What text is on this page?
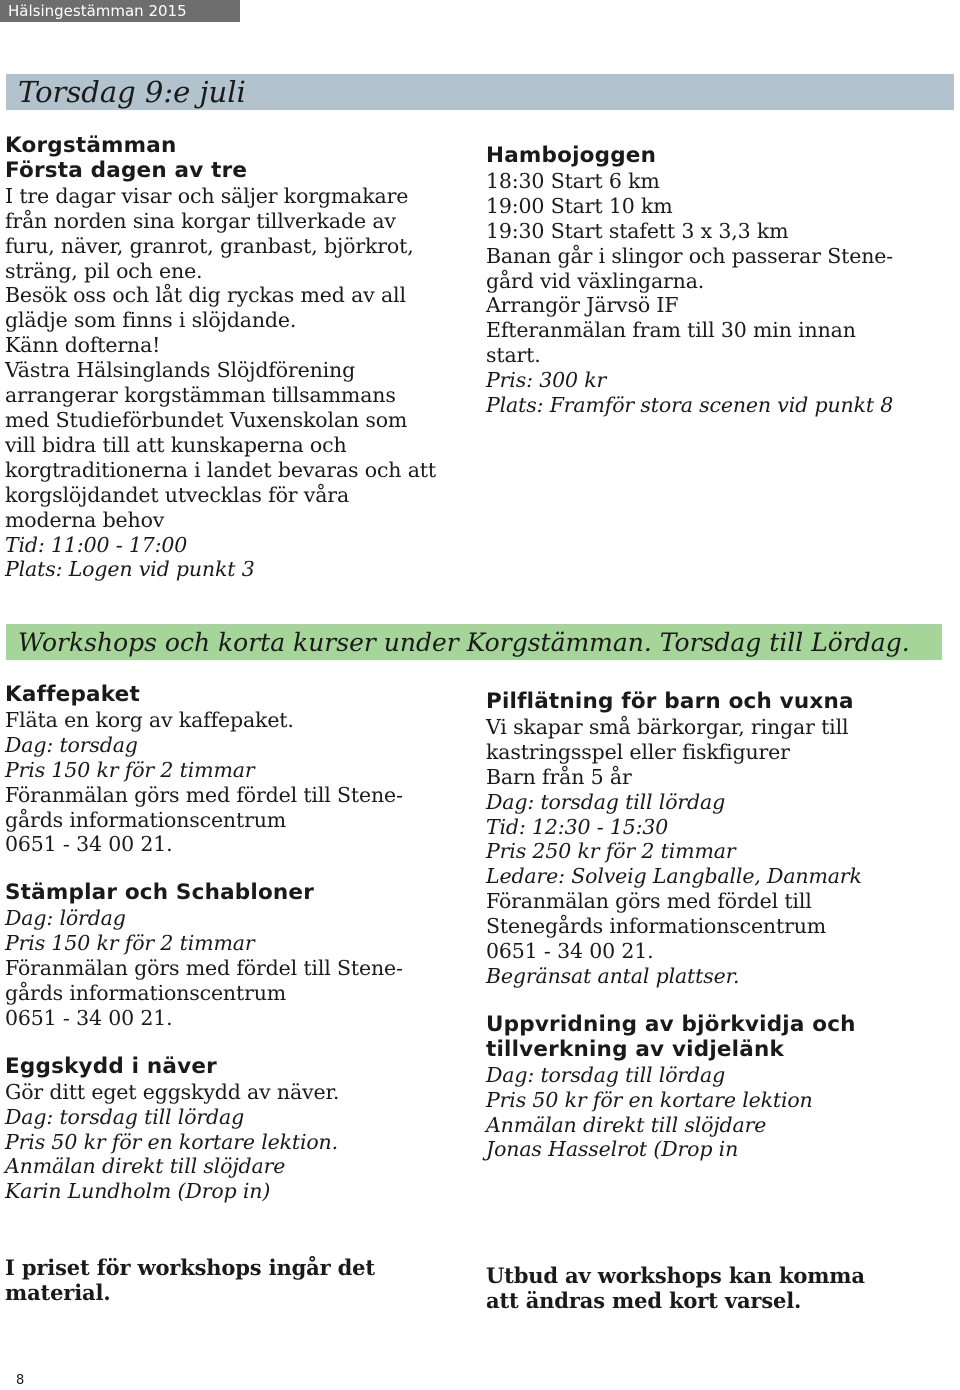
Hälsingestämman 2015
Torsdag 9:e juli
Korgstämman
Första dagen av tre
I tre dagar visar och säljer korgmakare
från norden sina korgar tillverkade av
furu, näver, granrot, granbast, björkrot,
sträng, pil och ene.
Besök oss och låt dig ryckas med av all
glädje som finns i slöjdande.
Känn dofterna!
Västra Hälsinglands Slöjdförening
arrangerar korgstämman tillsammans
med Studieförbundet Vuxenskolan som
vill bidra till att kunskaperna och
korgtraditionerna i landet bevaras och att
korgslöjdandet utvecklas för våra
moderna behov
Tid: 11:00 - 17:00
Plats: Logen vid punkt 3
Hambojoggen
18:30 Start 6 km
19:00 Start 10 km
19:30 Start stafett 3 x 3,3 km
Banan går i slingor och passerar Stene-
gård vid växlingarna.
Arrangör Järvsö IF
Efteranmälan fram till 30 min innan
start.
Pris: 300 kr
Plats: Framför stora scenen vid punkt 8
Workshops och korta kurser under Korgstämman. Torsdag till Lördag.
Kaffepaket
Fläta en korg av kaffepaket.
Dag: torsdag
Pris 150 kr för 2 timmar
Föranmälan görs med fördel till Stene-
gårds informationscentrum
0651 - 34 00 21.
Stämplar och Schabloner
Dag: lördag
Pris 150 kr för 2 timmar
Föranmälan görs med fördel till Stene-
gårds informationscentrum
0651 - 34 00 21.
Eggskydd i näver
Gör ditt eget eggskydd av näver.
Dag: torsdag till lördag
Pris 50 kr för en kortare lektion.
Anmälan direkt till slöjdare
Karin Lundholm (Drop in)
Pilflätning för barn och vuxna
Vi skapar små bärkorgar, ringar till
kastringsspel eller fiskfigurer
Barn från 5 år
Dag: torsdag till lördag
Tid: 12:30 - 15:30
Pris 250 kr för 2 timmar
Ledare: Solveig Langballe, Danmark
Föranmälan görs med fördel till
Stenegårds informationscentrum
0651 - 34 00 21.
Begränsat antal plattser.
Uppvridning av björkvidja och
tillverkning av vidjelänk
Dag: torsdag till lördag
Pris 50 kr för en kortare lektion
Anmälan direkt till slöjdare
Jonas Hasselrot (Drop in
I priset för workshops ingår det
material.
Utbud av workshops kan komma
att ändras med kort varsel.
8
